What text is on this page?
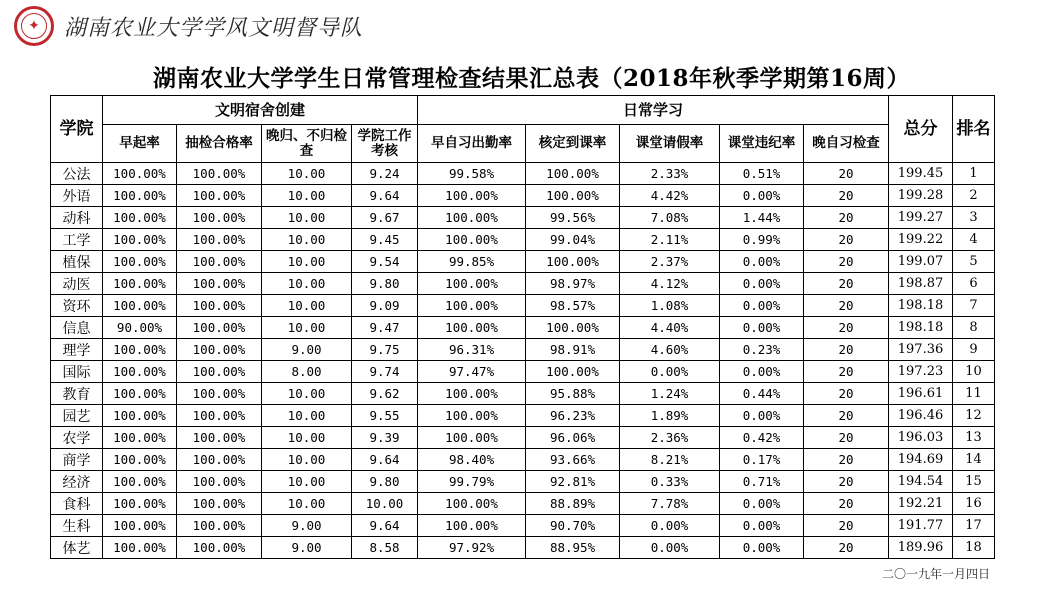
✦ 湖南农业大学学风文明督导队
湖南农业大学学生日常管理检查结果汇总表（2018年秋季学期第16周）
学院	文明宿舍创建				日常学习					总分	排名
	早起率	抽检合格率	晚归、不归检查	学院工作考核	早自习出勤率	核定到课率	课堂请假率	课堂违纪率	晚自习检查		
公法	100.00%	100.00%	10.00	9.24	99.58%	100.00%	2.33%	0.51%	20	199.45	1
外语	100.00%	100.00%	10.00	9.64	100.00%	100.00%	4.42%	0.00%	20	199.28	2
动科	100.00%	100.00%	10.00	9.67	100.00%	99.56%	7.08%	1.44%	20	199.27	3
工学	100.00%	100.00%	10.00	9.45	100.00%	99.04%	2.11%	0.99%	20	199.22	4
植保	100.00%	100.00%	10.00	9.54	99.85%	100.00%	2.37%	0.00%	20	199.07	5
动医	100.00%	100.00%	10.00	9.80	100.00%	98.97%	4.12%	0.00%	20	198.87	6
资环	100.00%	100.00%	10.00	9.09	100.00%	98.57%	1.08%	0.00%	20	198.18	7
信息	90.00%	100.00%	10.00	9.47	100.00%	100.00%	4.40%	0.00%	20	198.18	8
理学	100.00%	100.00%	9.00	9.75	96.31%	98.91%	4.60%	0.23%	20	197.36	9
国际	100.00%	100.00%	8.00	9.74	97.47%	100.00%	0.00%	0.00%	20	197.23	10
教育	100.00%	100.00%	10.00	9.62	100.00%	95.88%	1.24%	0.44%	20	196.61	11
园艺	100.00%	100.00%	10.00	9.55	100.00%	96.23%	1.89%	0.00%	20	196.46	12
农学	100.00%	100.00%	10.00	9.39	100.00%	96.06%	2.36%	0.42%	20	196.03	13
商学	100.00%	100.00%	10.00	9.64	98.40%	93.66%	8.21%	0.17%	20	194.69	14
经济	100.00%	100.00%	10.00	9.80	99.79%	92.81%	0.33%	0.71%	20	194.54	15
食科	100.00%	100.00%	10.00	10.00	100.00%	88.89%	7.78%	0.00%	20	192.21	16
生科	100.00%	100.00%	9.00	9.64	100.00%	90.70%	0.00%	0.00%	20	191.77	17
体艺	100.00%	100.00%	9.00	8.58	97.92%	88.95%	0.00%	0.00%	20	189.96	18
二〇一九年一月四日
